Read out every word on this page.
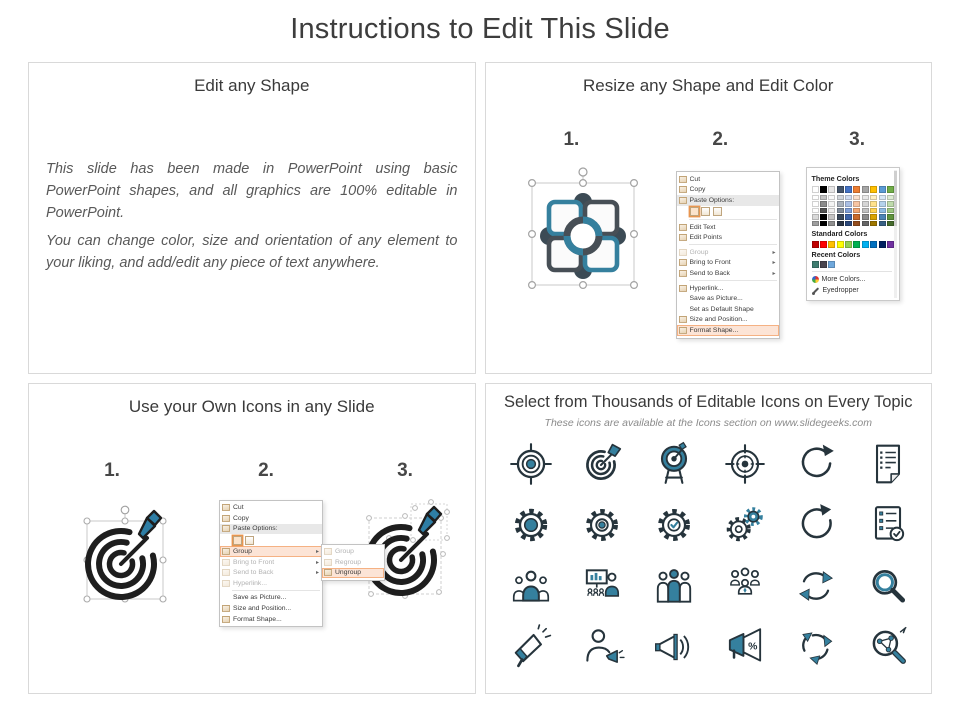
Instructions to Edit This Slide
Edit any Shape

This slide has been made in PowerPoint using basic PowerPoint shapes, and all graphics are 100% editable in PowerPoint.

You can change color, size and orientation of any element to your liking, and add/edit any piece of text anywhere.

Resize any Shape and Edit Color
1.	2.	3.
Cut
Copy
Paste Options:
Edit Text
Edit Points
Group	▸
Bring to Front	▸
Send to Back	▸
Hyperlink...
Save as Picture...
Set as Default Shape
Size and Position...
Format Shape...
Theme Colors
Standard Colors
Recent Colors
More Colors...
Eyedropper
Use your Own Icons in any Slide
1.	2.	3.
Cut
Copy
Paste Options:
Group	▸
Bring to Front	▸
Send to Back	▸
Hyperlink...
Save as Picture...
Size and Position...
Format Shape...
Group
Regroup
Ungroup
Select from Thousands of Editable Icons on Every Topic
These icons are available at the Icons section on www.slidegeeks.com
%
